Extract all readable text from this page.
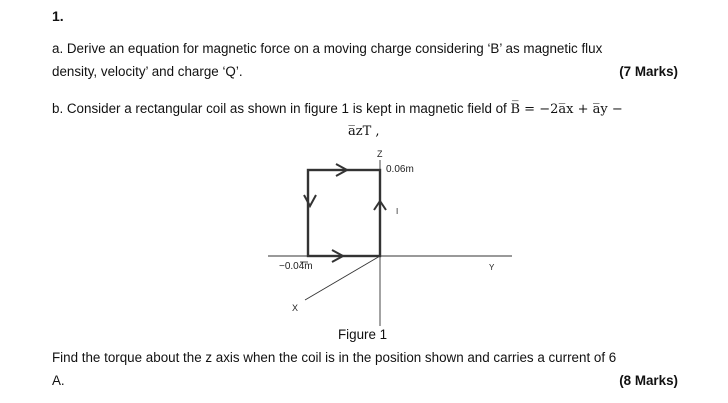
1.
a. Derive an equation for magnetic force on a moving charge considering ‘B’ as magnetic flux
density, velocity’ and charge ‘Q’.	(7 Marks)
b. Consider a rectangular coil as shown in figure 1 is kept in magnetic field of B̅ = −2a̅x + a̅y −
a̅zT ,
Z
0.06m
I
−0.04m	Y
X
Figure 1
Find the torque about the z axis when the coil is in the position shown and carries a current of 6
A.	(8 Marks)
